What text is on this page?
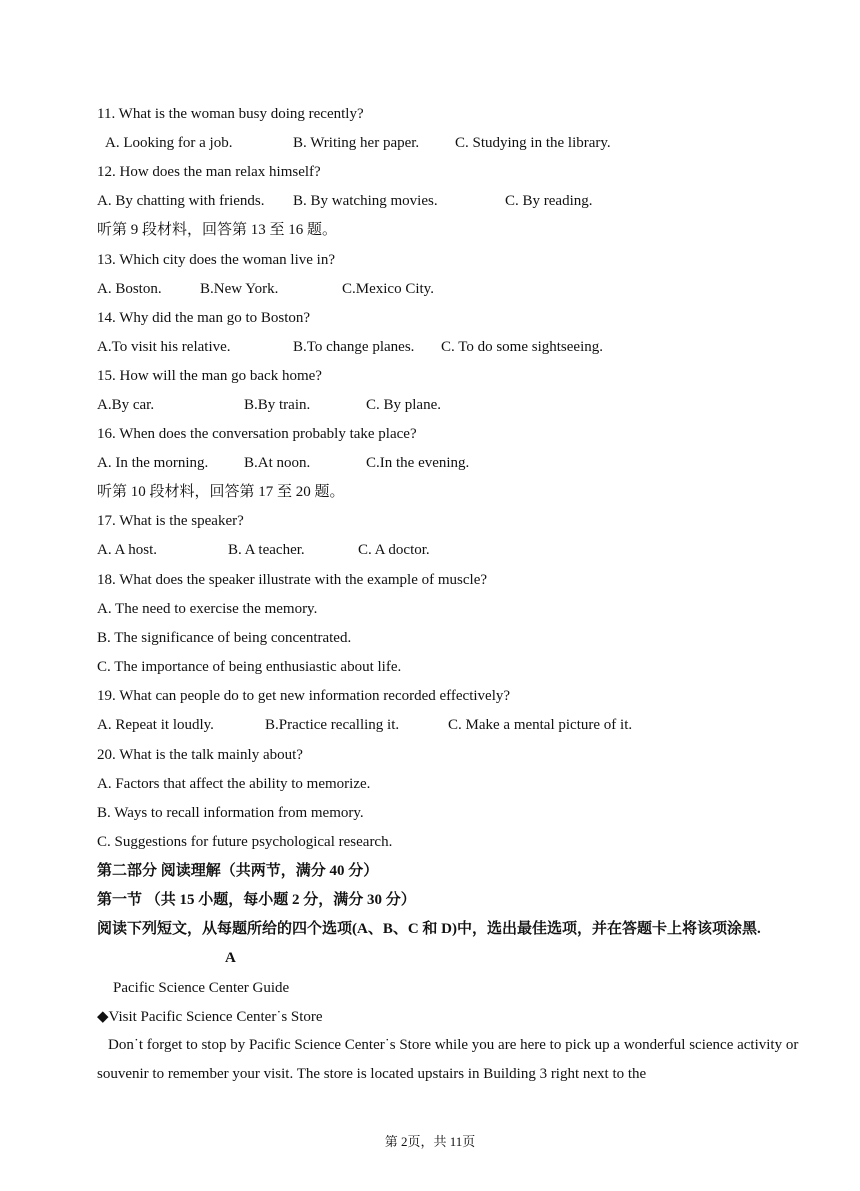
11. What is the woman busy doing recently?
A. Looking for a job.	B. Writing her paper. C. Studying in the library.
12. How does the man relax himself?
A. By chatting with friends. B. By watching movies.	C. By reading.
听第 9 段材料，回答第 13 至 16 题。
13. Which city does the woman live in?
A. Boston.	B.New York.	C.Mexico City.
14. Why did the man go to Boston?
A.To visit his relative.	B.To change planes. C. To do some sightseeing.
15. How will the man go back home?
A.By car.	B.By train.	C. By plane.
16. When does the conversation probably take place?
A. In the morning. B.At noon.	C.In the evening.
听第 10 段材料，回答第 17 至 20 题。
17. What is the speaker?
A. A host.	B. A teacher.	C. A doctor.
18. What does the speaker illustrate with the example of muscle?
A. The need to exercise the memory.
B. The significance of being concentrated.
C. The importance of being enthusiastic about life.
19. What can people do to get new information recorded effectively?
A. Repeat it loudly.	B.Practice recalling it.	C. Make a mental picture of it.
20. What is the talk mainly about?
A. Factors that affect the ability to memorize.
B. Ways to recall information from memory.
C. Suggestions for future psychological research.
第二部分 阅读理解（共两节，满分 40 分）
第一节 （共 15 小题，每小题 2 分，满分 30 分）
阅读下列短文，从每题所给的四个选项(A、B、C 和 D)中，选出最佳选项，并在答题卡上将该项涂黑.A
Pacific Science Center Guide
◆Visit Pacific Science Center˙s Store
Don˙t forget to stop by Pacific Science Center˙s Store while you are here to pick up a wonderful science activity or souvenir to remember your visit. The store is located upstairs in Building 3 right next to the
第 2页，共 11页
